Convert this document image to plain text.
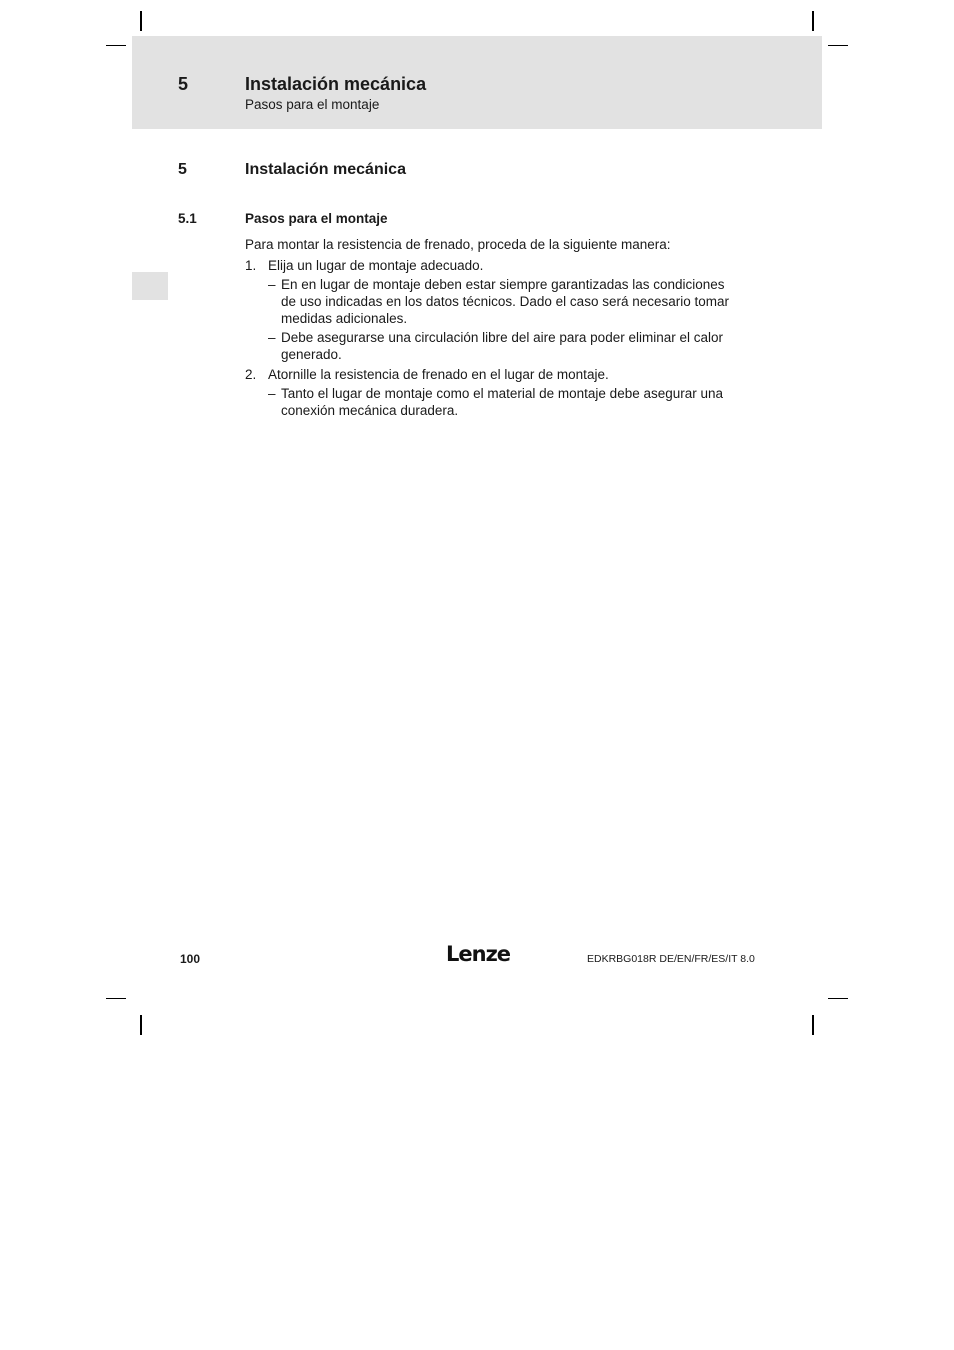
5	Instalación mecánica
Pasos para el montaje
5	Instalación mecánica
5.1	Pasos para el montaje

Para montar la resistencia de frenado, proceda de la siguiente manera:

1. Elija un lugar de montaje adecuado.
– En en lugar de montaje deben estar siempre garantizadas las condiciones de uso indicadas en los datos técnicos. Dado el caso será necesario tomar medidas adicionales.
– Debe asegurarse una circulación libre del aire para poder eliminar el calor generado.
2. Atornille la resistencia de frenado en el lugar de montaje.
– Tanto el lugar de montaje como el material de montaje debe asegurar una conexión mecánica duradera.
100	Lenze	EDKRBG018R DE/EN/FR/ES/IT 8.0
